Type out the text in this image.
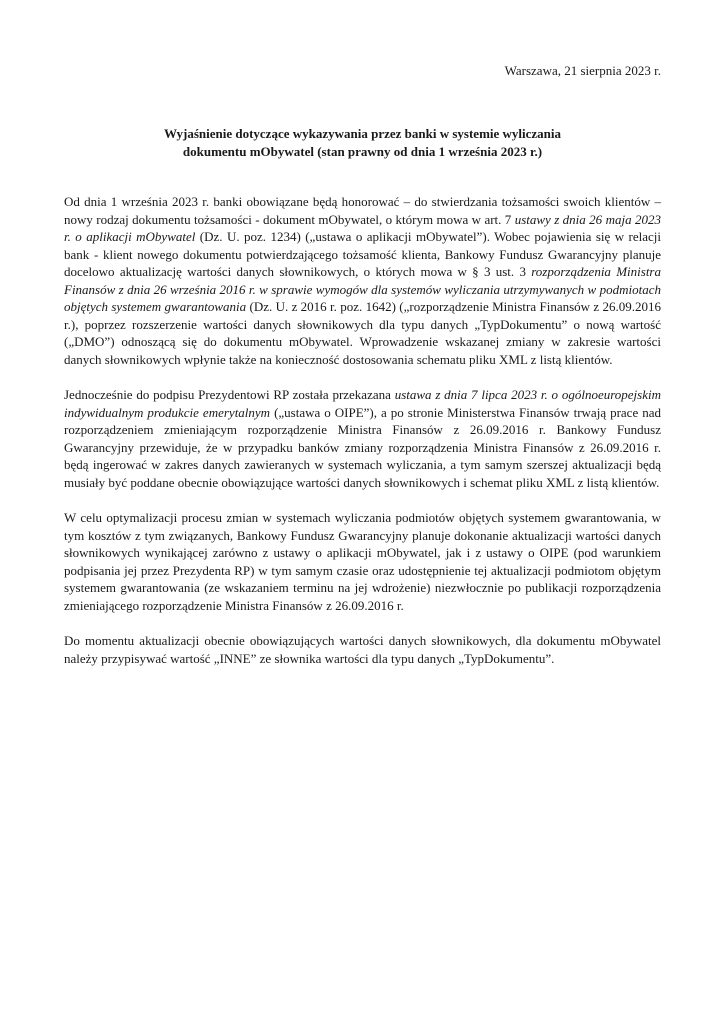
Warszawa, 21 sierpnia 2023 r.

Wyjaśnienie dotyczące wykazywania przez banki w systemie wyliczania
dokumentu mObywatel (stan prawny od dnia 1 września 2023 r.)

Od dnia 1 września 2023 r. banki obowiązane będą honorować – do stwierdzania tożsamości swoich klientów – nowy rodzaj dokumentu tożsamości - dokument mObywatel, o którym mowa w art. 7 ustawy z dnia 26 maja 2023 r. o aplikacji mObywatel (Dz. U. poz. 1234) („ustawa o aplikacji mObywatel”). Wobec pojawienia się w relacji bank - klient nowego dokumentu potwierdzającego tożsamość klienta, Bankowy Fundusz Gwarancyjny planuje docelowo aktualizację wartości danych słownikowych, o których mowa w § 3 ust. 3 rozporządzenia Ministra Finansów z dnia 26 września 2016 r. w sprawie wymogów dla systemów wyliczania utrzymywanych w podmiotach objętych systemem gwarantowania (Dz. U. z 2016 r. poz. 1642) („rozporządzenie Ministra Finansów z 26.09.2016 r.), poprzez rozszerzenie wartości danych słownikowych dla typu danych „TypDokumentu” o nową wartość („DMO”) odnoszącą się do dokumentu mObywatel. Wprowadzenie wskazanej zmiany w zakresie wartości danych słownikowych wpłynie także na konieczność dostosowania schematu pliku XML z listą klientów.

Jednocześnie do podpisu Prezydentowi RP została przekazana ustawa z dnia 7 lipca 2023 r. o ogólnoeuropejskim indywidualnym produkcie emerytalnym („ustawa o OIPE”), a po stronie Ministerstwa Finansów trwają prace nad rozporządzeniem zmieniającym rozporządzenie Ministra Finansów z 26.09.2016 r. Bankowy Fundusz Gwarancyjny przewiduje, że w przypadku banków zmiany rozporządzenia Ministra Finansów z 26.09.2016 r. będą ingerować w zakres danych zawieranych w systemach wyliczania, a tym samym szerszej aktualizacji będą musiały być poddane obecnie obowiązujące wartości danych słownikowych i schemat pliku XML z listą klientów.

W celu optymalizacji procesu zmian w systemach wyliczania podmiotów objętych systemem gwarantowania, w tym kosztów z tym związanych, Bankowy Fundusz Gwarancyjny planuje dokonanie aktualizacji wartości danych słownikowych wynikającej zarówno z ustawy o aplikacji mObywatel, jak i z ustawy o OIPE (pod warunkiem podpisania jej przez Prezydenta RP) w tym samym czasie oraz udostępnienie tej aktualizacji podmiotom objętym systemem gwarantowania (ze wskazaniem terminu na jej wdrożenie) niezwłocznie po publikacji rozporządzenia zmieniającego rozporządzenie Ministra Finansów z 26.09.2016 r.

Do momentu aktualizacji obecnie obowiązujących wartości danych słownikowych, dla dokumentu mObywatel należy przypisywać wartość „INNE” ze słownika wartości dla typu danych „TypDokumentu”.
